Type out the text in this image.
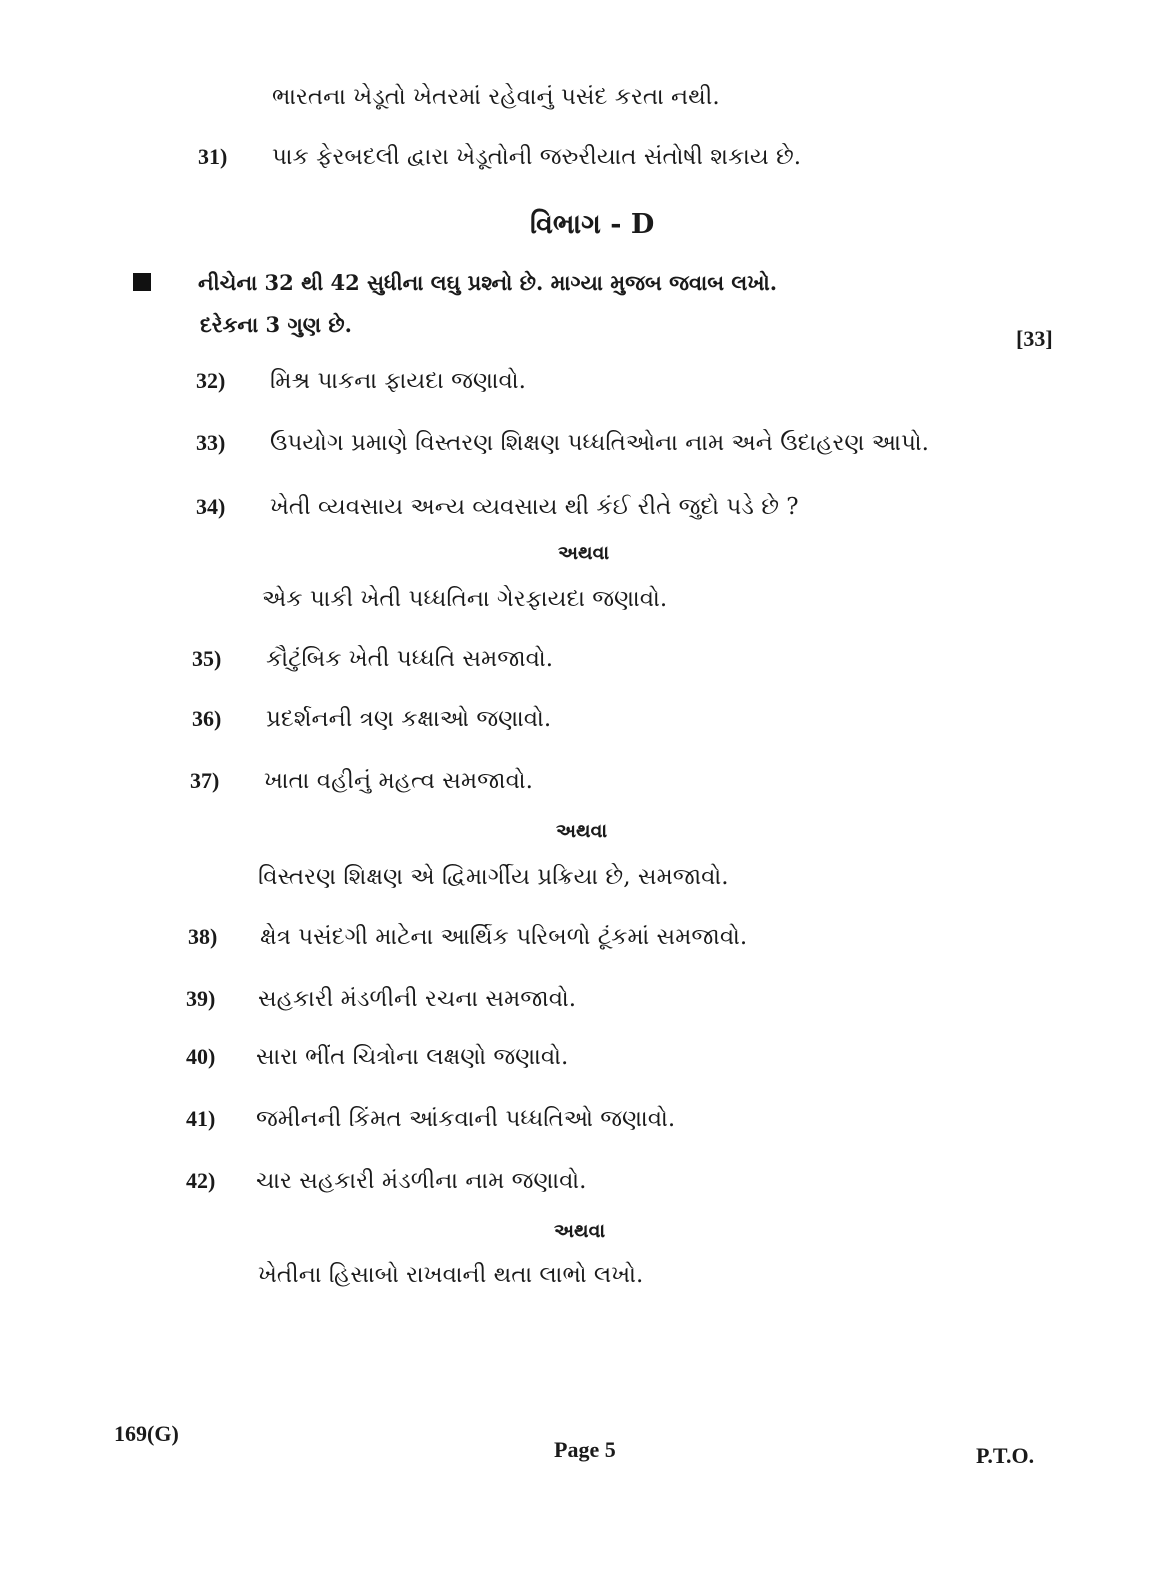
ભારતના ખેડૂતો ખેતરમાં રહેવાનું પસંદ કરતા નથી.
31) પાક ફેરબદલી દ્વારા ખેડૂતોની જરુરીયાત સંતોષી શકાય છે.
વિભાગ - D
નીચેના 32 થી 42 સુધીના લઘુ પ્રશ્નો છે. માગ્યા મુજબ જવાબ લખો.
દરેકના 3 ગુણ છે.
[33]
32) મિશ્ર પાકના ફાયદા જણાવો.
33) ઉપયોગ પ્રમાણે વિસ્તરણ શિક્ષણ પધ્ધતિઓના નામ અને ઉદાહરણ આપો.
34) ખેતી વ્યવસાય અન્ય વ્યવસાય થી કંઈ રીતે જુદો પડે છે ?
અથવા
એક પાકી ખેતી પધ્ધતિના ગેરફાયદા જણાવો.
35) કૌટુંબિક ખેતી પધ્ધતિ સમજાવો.
36) પ્રદર્શનની ત્રણ કક્ષાઓ જણાવો.
37) ખાતા વહીનું મહત્વ સમજાવો.
અથવા
વિસ્તરણ શિક્ષણ એ દ્વિમાર્ગીય પ્રક્રિયા છે, સમજાવો.
38) ક્ષેત્ર પસંદગી માટેના આર્થિક પરિબળો ટૂંકમાં સમજાવો.
39) સહકારી મંડળીની રચના સમજાવો.
40) સારા ભીંત ચિત્રોના લક્ષણો જણાવો.
41) જમીનની કિંમત આંકવાની પધ્ધતિઓ જણાવો.
42) ચાર સહકારી મંડળીના નામ જણાવો.
અથવા
ખેતીના હિસાબો રાખવાની થતા લાભો લખો.
169(G)
Page 5	P.T.O.
